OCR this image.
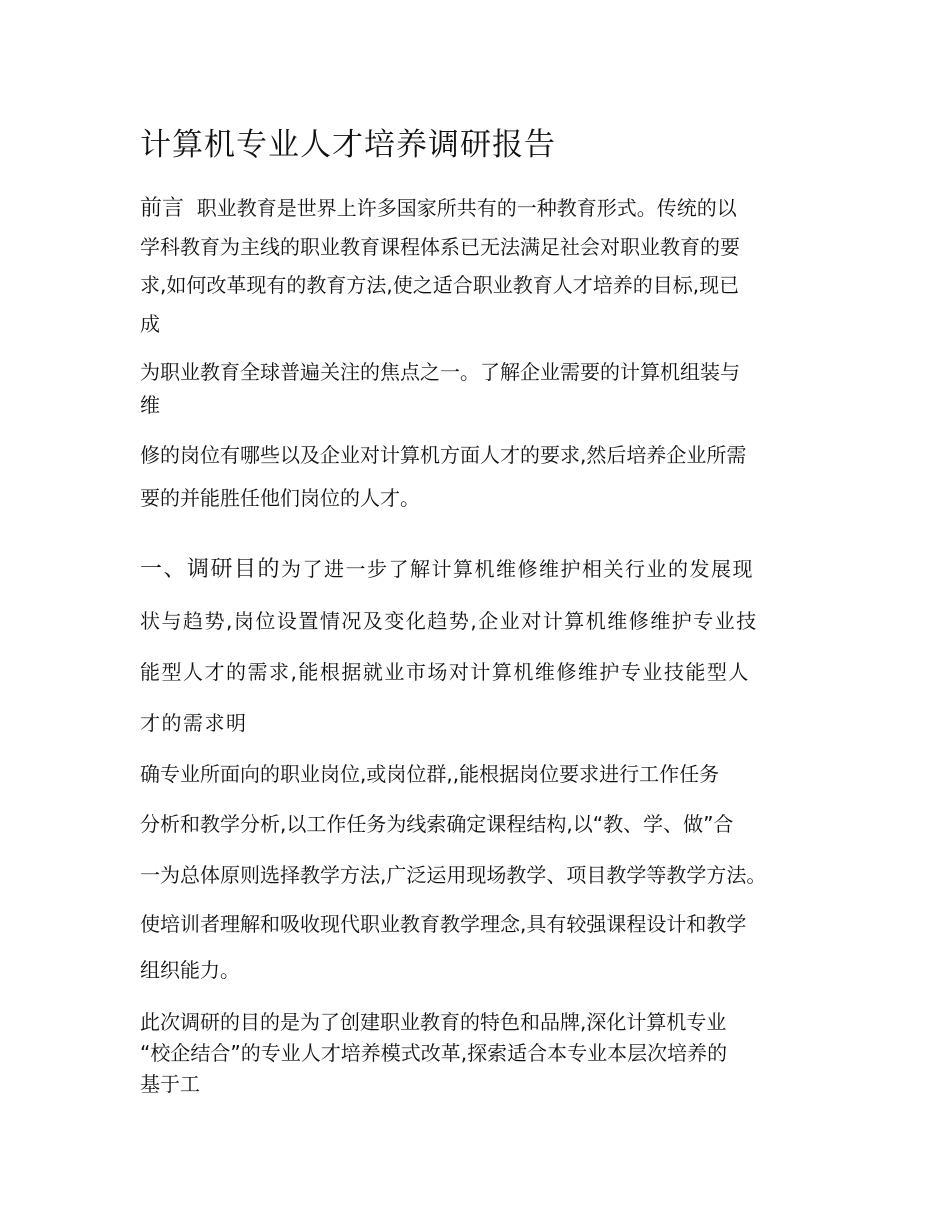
计算机专业人才培养调研报告
前言 职业教育是世界上许多国家所共有的一种教育形式。传统的以
学科教育为主线的职业教育课程体系已无法满足社会对职业教育的要
求,如何改革现有的教育方法,使之适合职业教育人才培养的目标,现已
成
为职业教育全球普遍关注的焦点之一。了解企业需要的计算机组装与
维
修的岗位有哪些以及企业对计算机方面人才的要求,然后培养企业所需
要的并能胜任他们岗位的人才。
一、调研目的为了进一步了解计算机维修维护相关行业的发展现
状与趋势,岗位设置情况及变化趋势,企业对计算机维修维护专业技
能型人才的需求,能根据就业市场对计算机维修维护专业技能型人
才的需求明
确专业所面向的职业岗位,或岗位群,,能根据岗位要求进行工作任务
分析和教学分析,以工作任务为线索确定课程结构,以“教、学、做”合
一为总体原则选择教学方法,广泛运用现场教学、项目教学等教学方法。
使培训者理解和吸收现代职业教育教学理念,具有较强课程设计和教学
组织能力。
此次调研的目的是为了创建职业教育的特色和品牌,深化计算机专业
“校企结合”的专业人才培养模式改革,探索适合本专业本层次培养的
基于工
